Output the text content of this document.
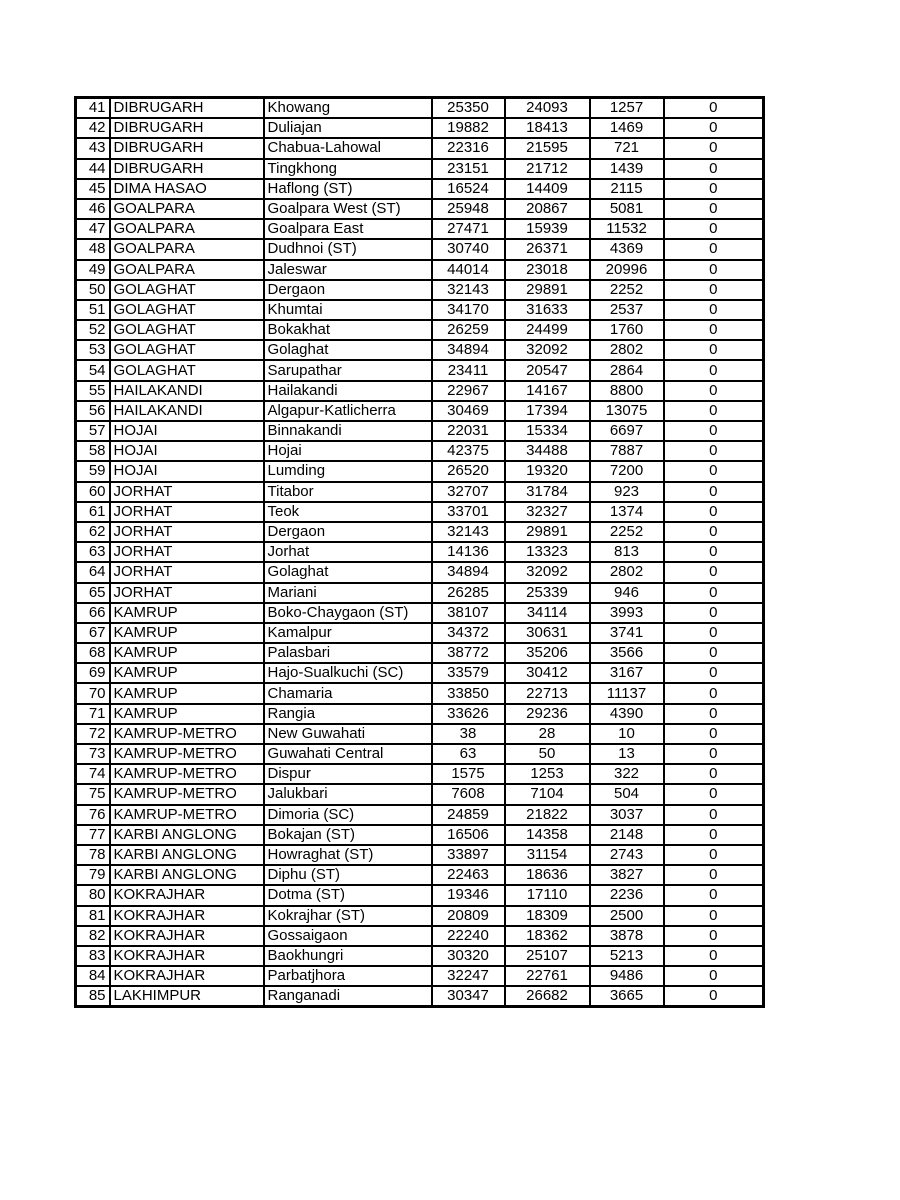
41	DIBRUGARH	Khowang	25350	24093	1257	0
42	DIBRUGARH	Duliajan	19882	18413	1469	0
43	DIBRUGARH	Chabua-Lahowal	22316	21595	721	0
44	DIBRUGARH	Tingkhong	23151	21712	1439	0
45	DIMA HASAO	Haflong (ST)	16524	14409	2115	0
46	GOALPARA	Goalpara West (ST)	25948	20867	5081	0
47	GOALPARA	Goalpara East	27471	15939	11532	0
48	GOALPARA	Dudhnoi (ST)	30740	26371	4369	0
49	GOALPARA	Jaleswar	44014	23018	20996	0
50	GOLAGHAT	Dergaon	32143	29891	2252	0
51	GOLAGHAT	Khumtai	34170	31633	2537	0
52	GOLAGHAT	Bokakhat	26259	24499	1760	0
53	GOLAGHAT	Golaghat	34894	32092	2802	0
54	GOLAGHAT	Sarupathar	23411	20547	2864	0
55	HAILAKANDI	Hailakandi	22967	14167	8800	0
56	HAILAKANDI	Algapur-Katlicherra	30469	17394	13075	0
57	HOJAI	Binnakandi	22031	15334	6697	0
58	HOJAI	Hojai	42375	34488	7887	0
59	HOJAI	Lumding	26520	19320	7200	0
60	JORHAT	Titabor	32707	31784	923	0
61	JORHAT	Teok	33701	32327	1374	0
62	JORHAT	Dergaon	32143	29891	2252	0
63	JORHAT	Jorhat	14136	13323	813	0
64	JORHAT	Golaghat	34894	32092	2802	0
65	JORHAT	Mariani	26285	25339	946	0
66	KAMRUP	Boko-Chaygaon (ST)	38107	34114	3993	0
67	KAMRUP	Kamalpur	34372	30631	3741	0
68	KAMRUP	Palasbari	38772	35206	3566	0
69	KAMRUP	Hajo-Sualkuchi (SC)	33579	30412	3167	0
70	KAMRUP	Chamaria	33850	22713	11137	0
71	KAMRUP	Rangia	33626	29236	4390	0
72	KAMRUP-METRO	New Guwahati	38	28	10	0
73	KAMRUP-METRO	Guwahati Central	63	50	13	0
74	KAMRUP-METRO	Dispur	1575	1253	322	0
75	KAMRUP-METRO	Jalukbari	7608	7104	504	0
76	KAMRUP-METRO	Dimoria (SC)	24859	21822	3037	0
77	KARBI ANGLONG	Bokajan (ST)	16506	14358	2148	0
78	KARBI ANGLONG	Howraghat (ST)	33897	31154	2743	0
79	KARBI ANGLONG	Diphu (ST)	22463	18636	3827	0
80	KOKRAJHAR	Dotma (ST)	19346	17110	2236	0
81	KOKRAJHAR	Kokrajhar (ST)	20809	18309	2500	0
82	KOKRAJHAR	Gossaigaon	22240	18362	3878	0
83	KOKRAJHAR	Baokhungri	30320	25107	5213	0
84	KOKRAJHAR	Parbatjhora	32247	22761	9486	0
85	LAKHIMPUR	Ranganadi	30347	26682	3665	0
